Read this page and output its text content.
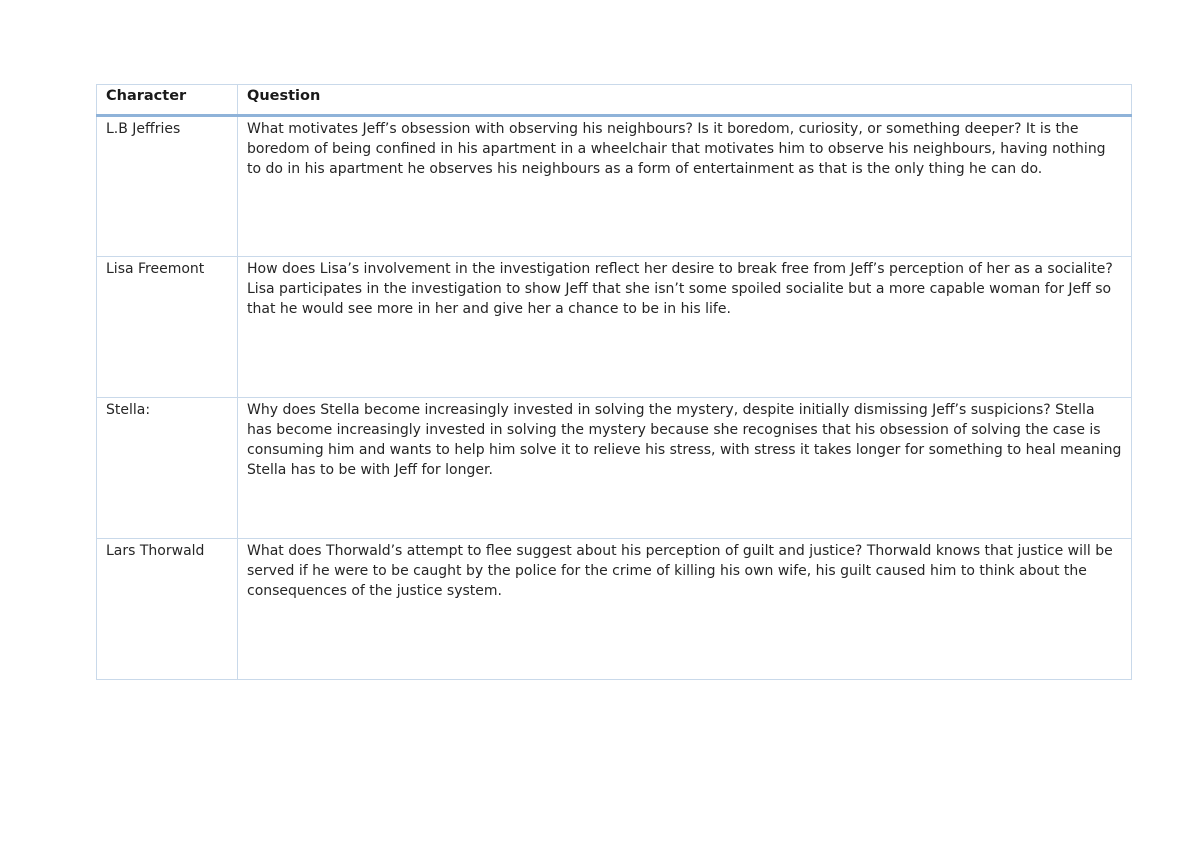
Character	Question
L.B Jeffries	What motivates Jeff’s obsession with observing his neighbours? Is it boredom, curiosity, or something deeper? It is the boredom of being confined in his apartment in a wheelchair that motivates him to observe his neighbours, having nothing to do in his apartment he observes his neighbours as a form of entertainment as that is the only thing he can do.
Lisa Freemont	How does Lisa’s involvement in the investigation reflect her desire to break free from Jeff’s perception of her as a socialite? Lisa participates in the investigation to show Jeff that she isn’t some spoiled socialite but a more capable woman for Jeff so that he would see more in her and give her a chance to be in his life.
Stella:	Why does Stella become increasingly invested in solving the mystery, despite initially dismissing Jeff’s suspicions? Stella has become increasingly invested in solving the mystery because she recognises that his obsession of solving the case is consuming him and wants to help him solve it to relieve his stress, with stress it takes longer for something to heal meaning Stella has to be with Jeff for longer.
Lars Thorwald	What does Thorwald’s attempt to flee suggest about his perception of guilt and justice? Thorwald knows that justice will be served if he were to be caught by the police for the crime of killing his own wife, his guilt caused him to think about the consequences of the justice system.
